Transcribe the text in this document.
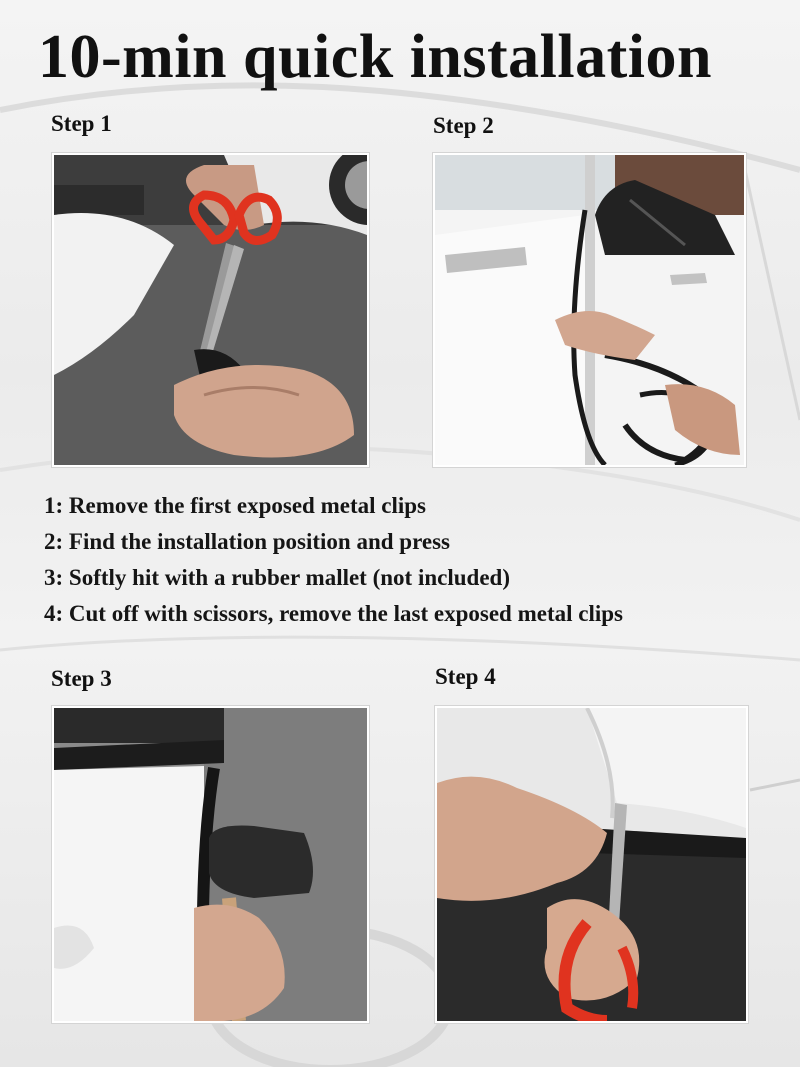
10-min quick installation
Step 1	Step 2
1: Remove the first exposed metal clips
2: Find the installation position and press
3: Softly hit with a rubber mallet (not included)
4: Cut off with scissors, remove the last exposed metal clips
Step 3	Step 4
